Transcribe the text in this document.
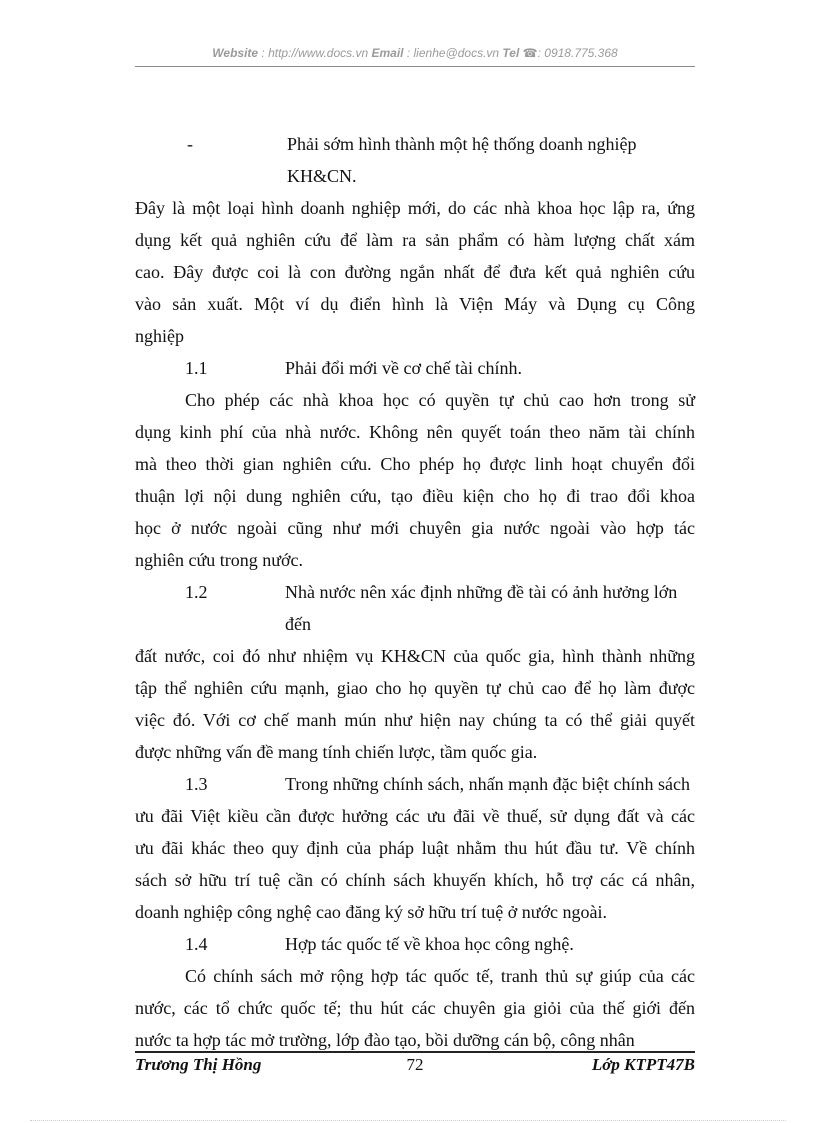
Website : http://www.docs.vn Email : lienhe@docs.vn Tel ☎: 0918.775.368
-	Phải sớm hình thành một hệ thống doanh nghiệp KH&CN.
Đây là một loại hình doanh nghiệp mới, do các nhà khoa học lập ra, ứng
dụng kết quả nghiên cứu để làm ra sản phẩm có hàm lượng chất xám
cao. Đây được coi là con đường ngắn nhất để đưa kết quả nghiên cứu
vào sản xuất. Một ví dụ điển hình là Viện Máy và Dụng cụ Công
nghiệp
1.1	Phải đổi mới về cơ chế tài chính.
Cho phép các nhà khoa học có quyền tự chủ cao hơn trong sử
dụng kinh phí của nhà nước. Không nên quyết toán theo năm tài chính
mà theo thời gian nghiên cứu. Cho phép họ được linh hoạt chuyển đổi
thuận lợi nội dung nghiên cứu, tạo điều kiện cho họ đi trao đổi khoa
học ở nước ngoài cũng như mới chuyên gia nước ngoài vào hợp tác
nghiên cứu trong nước.
1.2	Nhà nước nên xác định những đề tài có ảnh hưởng lớn đến
đất nước, coi đó như nhiệm vụ KH&CN của quốc gia, hình thành những
tập thể nghiên cứu mạnh, giao cho họ quyền tự chủ cao để họ làm được
việc đó. Với cơ chế manh mún như hiện nay chúng ta có thể giải quyết
được những vấn đề mang tính chiến lược, tầm quốc gia.
1.3	Trong những chính sách, nhấn mạnh đặc biệt chính sách
ưu đãi Việt kiều cần được hưởng các ưu đãi về thuế, sử dụng đất và các
ưu đãi khác theo quy định của pháp luật nhằm thu hút đầu tư. Về chính
sách sở hữu trí tuệ cần có chính sách khuyến khích, hỗ trợ các cá nhân,
doanh nghiệp công nghệ cao đăng ký sở hữu trí tuệ ở nước ngoài.
1.4	Hợp tác quốc tế về khoa học công nghệ.
Có chính sách mở rộng hợp tác quốc tế, tranh thủ sự giúp của các
nước, các tổ chức quốc tế; thu hút các chuyên gia giỏi của thế giới đến
nước ta hợp tác mở trường, lớp đào tạo, bồi dưỡng cán bộ, công nhân
Trương Thị Hồng	72	Lớp KTPT47B
